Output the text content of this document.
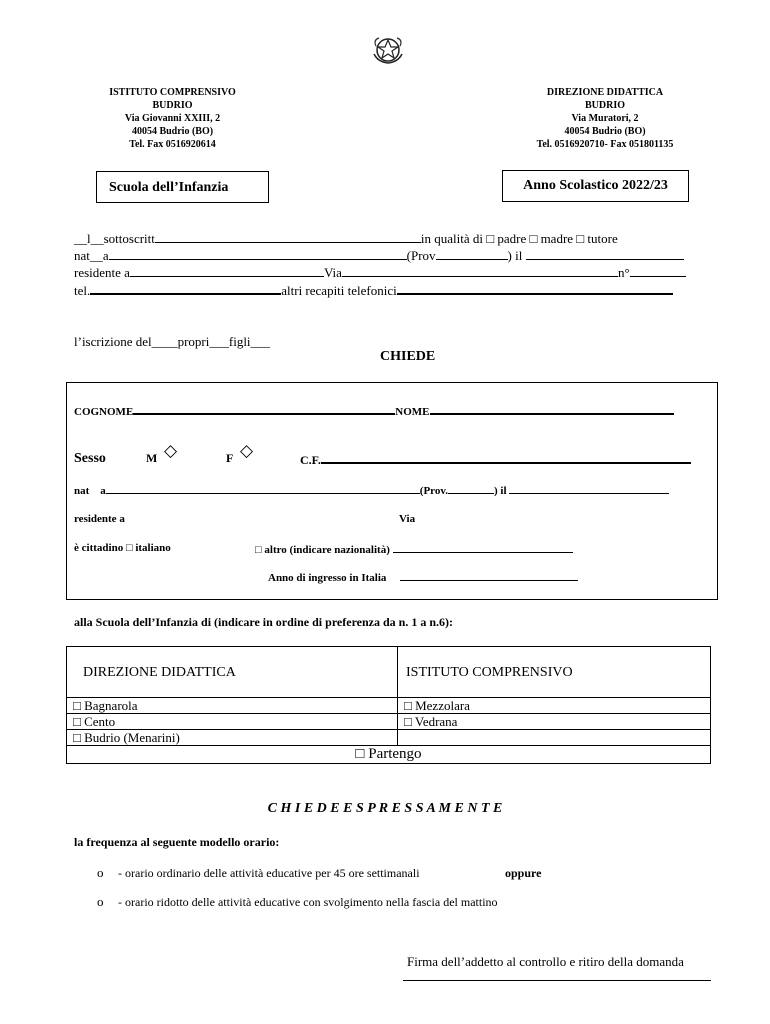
ISTITUTO COMPRENSIVO
BUDRIO
Via Giovanni XXIII, 2
40054 Budrio (BO)
Tel. Fax 0516920614
DIREZIONE DIDATTICA
BUDRIO
Via Muratori, 2
40054 Budrio (BO)
Tel. 0516920710- Fax 051801135
Scuola dell’Infanzia	Anno Scolastico 2022/23
__l__sottoscritt	in qualità di □ padre □ madre □ tutore
nat__a	(Prov	) il
residente a	Via	n°
tel.	altri recapiti telefonici
l’iscrizione del____propri___figli___
CHIEDE
COGNOME	NOME
Sesso	M ◇	F ◇	C.F.
nat a	(Prov.	) il
residente a	Via
è cittadino □ italiano	□ altro (indicare nazionalità)
Anno di ingresso in Italia
alla Scuola dell’Infanzia di (indicare in ordine di preferenza da n. 1 a n.6):
DIREZIONE DIDATTICA	ISTITUTO COMPRENSIVO
□ Bagnarola	□ Mezzolara
□ Cento	□ Vedrana
□ Budrio (Menarini)	
□ Partengo	
C H I E D E E S P R E S S A M E N T E
la frequenza al seguente modello orario:
o - orario ordinario delle attività educative per 45 ore settimanali	oppure
o - orario ridotto delle attività educative con svolgimento nella fascia del mattino
Firma dell’addetto al controllo e ritiro della domanda
